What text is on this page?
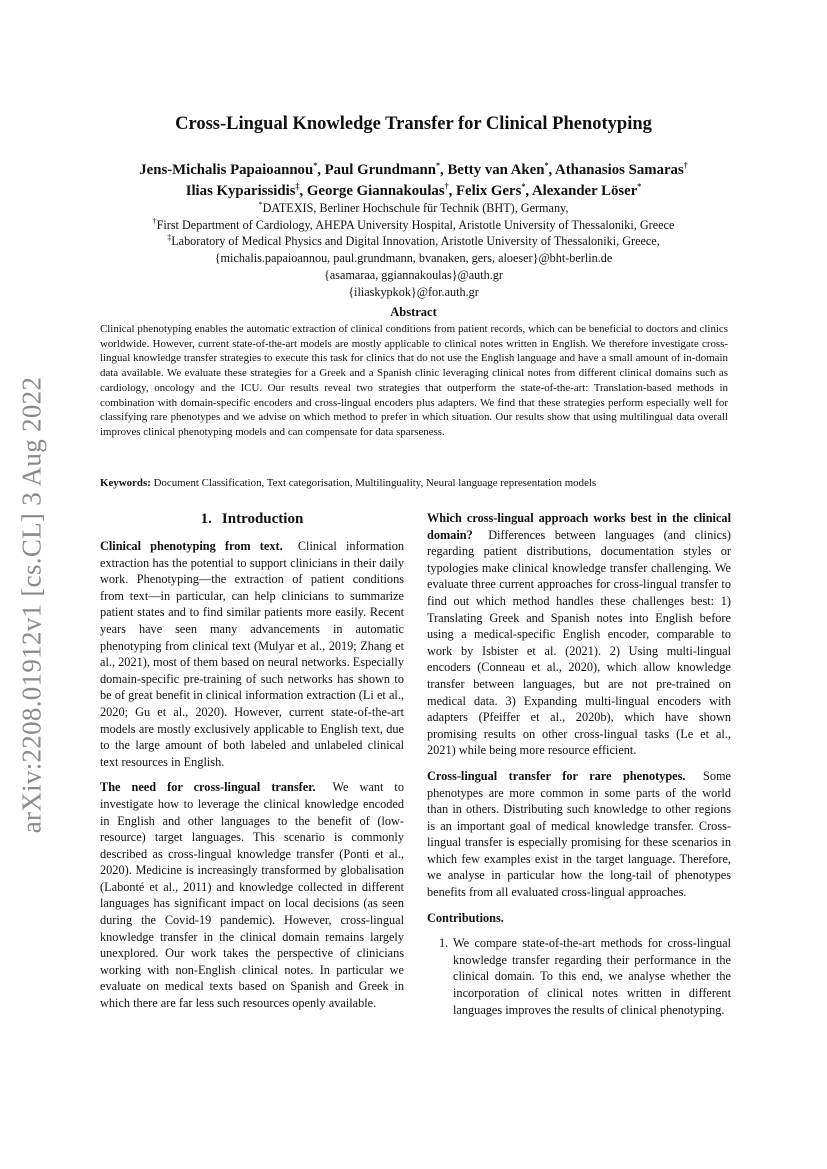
arXiv:2208.01912v1 [cs.CL] 3 Aug 2022
Cross-Lingual Knowledge Transfer for Clinical Phenotyping
Jens-Michalis Papaioannou*, Paul Grundmann*, Betty van Aken*, Athanasios Samaras†
Ilias Kyparissidis‡, George Giannakoulas†, Felix Gers*, Alexander Löser*
*DATEXIS, Berliner Hochschule für Technik (BHT), Germany,
†First Department of Cardiology, AHEPA University Hospital, Aristotle University of Thessaloniki, Greece
‡Laboratory of Medical Physics and Digital Innovation, Aristotle University of Thessaloniki, Greece,
{michalis.papaioannou, paul.grundmann, bvanaken, gers, aloeser}@bht-berlin.de
{asamaraa, ggiannakoulas}@auth.gr
{iliaskypkok}@for.auth.gr
Abstract
Clinical phenotyping enables the automatic extraction of clinical conditions from patient records, which can be beneficial to doctors and clinics worldwide. However, current state-of-the-art models are mostly applicable to clinical notes written in English. We therefore investigate cross-lingual knowledge transfer strategies to execute this task for clinics that do not use the English language and have a small amount of in-domain data available. We evaluate these strategies for a Greek and a Spanish clinic leveraging clinical notes from different clinical domains such as cardiology, oncology and the ICU. Our results reveal two strategies that outperform the state-of-the-art: Translation-based methods in combination with domain-specific encoders and cross-lingual encoders plus adapters. We find that these strategies perform especially well for classifying rare phenotypes and we advise on which method to prefer in which situation. Our results show that using multilingual data overall improves clinical phenotyping models and can compensate for data sparseness.
Keywords: Document Classification, Text categorisation, Multilinguality, Neural language representation models
1. Introduction

Clinical phenotyping from text. Clinical information extraction has the potential to support clinicians in their daily work. Phenotyping—the extraction of patient conditions from text—in particular, can help clinicians to summarize patient states and to find similar patients more easily. Recent years have seen many advancements in automatic phenotyping from clinical text (Mulyar et al., 2019; Zhang et al., 2021), most of them based on neural networks. Especially domain-specific pre-training of such networks has shown to be of great benefit in clinical information extraction (Li et al., 2020; Gu et al., 2020). However, current state-of-the-art models are mostly exclusively applicable to English text, due to the large amount of both labeled and unlabeled clinical text resources in English.

The need for cross-lingual transfer. We want to investigate how to leverage the clinical knowledge encoded in English and other languages to the benefit of (low-resource) target languages. This scenario is commonly described as cross-lingual knowledge transfer (Ponti et al., 2020). Medicine is increasingly transformed by globalisation (Labonté et al., 2011) and knowledge collected in different languages has significant impact on local decisions (as seen during the Covid-19 pandemic). However, cross-lingual knowledge transfer in the clinical domain remains largely unexplored. Our work takes the perspective of clinicians working with non-English clinical notes. In particular we evaluate on medical texts based on Spanish and Greek in which there are far less such resources openly available.

Which cross-lingual approach works best in the clinical domain? Differences between languages (and clinics) regarding patient distributions, documentation styles or typologies make clinical knowledge transfer challenging. We evaluate three current approaches for cross-lingual transfer to find out which method handles these challenges best: 1) Translating Greek and Spanish notes into English before using a medical-specific English encoder, comparable to work by Isbister et al. (2021). 2) Using multi-lingual encoders (Conneau et al., 2020), which allow knowledge transfer between languages, but are not pre-trained on medical data. 3) Expanding multi-lingual encoders with adapters (Pfeiffer et al., 2020b), which have shown promising results on other cross-lingual tasks (Le et al., 2021) while being more resource efficient.

Cross-lingual transfer for rare phenotypes. Some phenotypes are more common in some parts of the world than in others. Distributing such knowledge to other regions is an important goal of medical knowledge transfer. Cross-lingual transfer is especially promising for these scenarios in which few examples exist in the target language. Therefore, we analyse in particular how the long-tail of phenotypes benefits from all evaluated cross-lingual approaches.

Contributions.
1. We compare state-of-the-art methods for cross-lingual knowledge transfer regarding their performance in the clinical domain. To this end, we analyse whether the incorporation of clinical notes written in different languages improves the results of clinical phenotyping.
